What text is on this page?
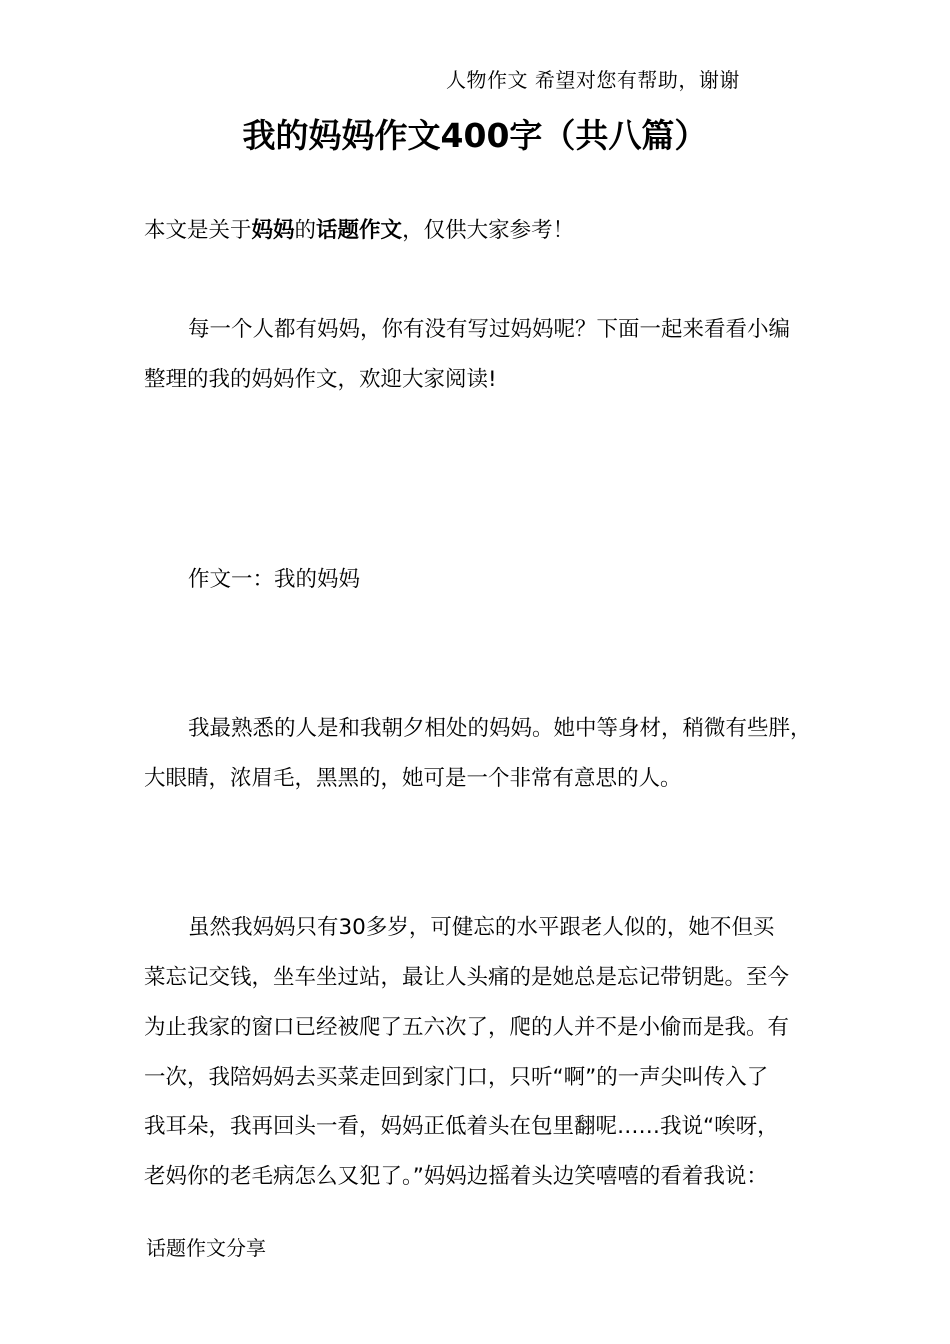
人物作文 希望对您有帮助，谢谢
我的妈妈作文400字（共八篇）
本文是关于妈妈的话题作文，仅供大家参考！
每一个人都有妈妈，你有没有写过妈妈呢？下面一起来看看小编
整理的我的妈妈作文，欢迎大家阅读!
作文一：我的妈妈
我最熟悉的人是和我朝夕相处的妈妈。她中等身材，稍微有些胖，
大眼睛，浓眉毛，黑黑的，她可是一个非常有意思的人。
虽然我妈妈只有30多岁，可健忘的水平跟老人似的，她不但买
菜忘记交钱，坐车坐过站，最让人头痛的是她总是忘记带钥匙。至今
为止我家的窗口已经被爬了五六次了，爬的人并不是小偷而是我。有
一次，我陪妈妈去买菜走回到家门口，只听“啊”的一声尖叫传入了
我耳朵，我再回头一看，妈妈正低着头在包里翻呢……我说“唉呀，
老妈你的老毛病怎么又犯了。”妈妈边摇着头边笑嘻嘻的看着我说：
话题作文分享
